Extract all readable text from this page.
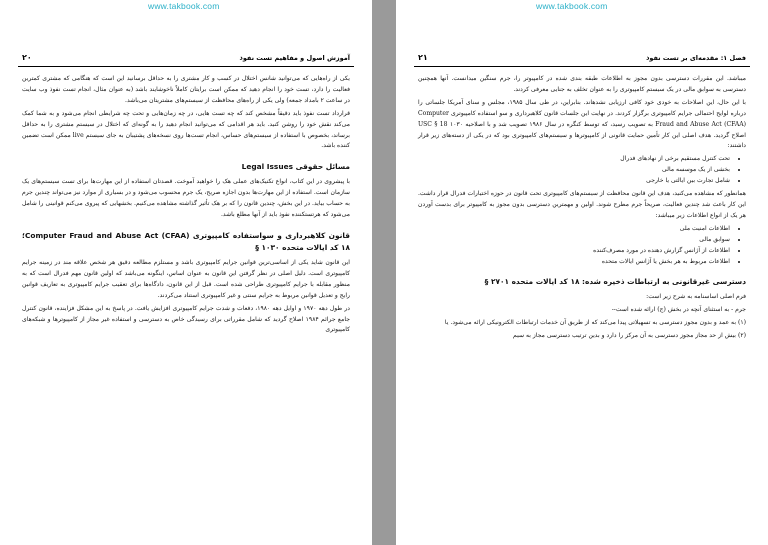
www.takbook.com
آموزش اصول و مفاهیم تست نفوذ
۲۰

یکی از راه‌هایی که می‌توانید شانس اختلال در کسب و کار مشتری را به حداقل برسانید این است که هنگامی که مشتری کمترین فعالیت را دارد، تست خود را انجام دهید که ممکن است برایتان کاملاً ناخوشایند باشد (به عنوان مثال، انجام تست نفوذ وب سایت در ساعت ۲ بامداد جمعه) ولی یکی از راه‌های محافظت از سیستم‌های مشتریتان می‌باشد.

قرارداد تست نفوذ باید دقیقاً مشخص کند که چه تست هایی، در چه زمان‌هایی و تحت چه شرایطی انجام می‌شود و به شما کمک می‌کند نقش خود را روشن کنید. باید هر اقدامی که می‌توانید انجام دهید را به گونه‌ای که اختلال در سیستم مشتری را به حداقل برساند، بخصوص با استفاده از سیستم‌های حساس، انجام تست‌ها روی نسخه‌های پشتیبان به جای سیستم live ممکن است تضمین کننده باشد.

مسائل حقوقی Legal Issues

با پیشروی در این کتاب، انواع تکنیک‌های عملی هک را خواهید آموخت. قصدتان استفاده از این مهارت‌ها برای تست سیستم‌های یک سازمان است. استفاده از این مهارت‌ها بدون اجازه صریح، یک جرم محسوب می‌شود و در بسیاری از موارد نیز می‌تواند چندین جرم به حساب بیاید. در این بخش، چندین قانون را که بر هک تأثیر گذاشته مشاهده می‌کنیم. بخشهایی که پیروی می‌کنم قوانینی را شامل می‌شود که هرتستکننده نفوذ باید از آنها مطلع باشد.

قانون کلاهبرداری و سواستفاده کامپیوتری Computer Fraud and Abuse Act (CFAA)؛ ۱۸ کد ایالات متحده ۱۰۳۰ §

این قانون شاید یکی از اساسی‌ترین قوانین جرایم کامپیوتری باشد و مستلزم مطالعه دقیق هر شخص علاقه مند در زمینه جرایم کامپیوتری است. دلیل اصلی در نظر گرفتن این قانون به عنوان اساس، اینگونه می‌باشد که اولین قانون مهم فدرال است که به منظور مقابله با جرایم کامپیوتری طراحی شده است. قبل از این قانون، دادگاه‌ها برای تعقیب جرایم کامپیوتری به تعاریف قوانین رایج و تعدیل قوانین مربوط به جرایم سنتی و غیر کامپیوتری استناد می‌کردند.

در طول دهه ۱۹۷۰ و اوایل دهه ۱۹۸۰، دفعات و شدت جرایم کامپیوتری افزایش یافت. در پاسخ به این مشکل فزاینده، قانون کنترل جامع جرائم ۱۹۸۴ اصلاح گردید که شامل مقرراتی برای رسیدگی خاص به دسترسی و استفاده غیر مجاز از کامپیوترها و شبکه‌های کامپیوتری

www.takbook.com
فصل ۱: مقدمه‌ای بر تست نفوذ
۲۱

میباشد. این مقررات دسترسی بدون مجوز به اطلاعات طبقه بندی شده در کامپیوتر را، جرم سنگین میدانست. آنها همچنین دسترسی به سوابق مالی در یک سیستم کامپیوتری را به عنوان تخلف به جنایی معرفی کردند.

با این حال، این اصلاحات به خودی خود کافی ارزیابی نشدهاند. بنابراین، در طی سال ۱۹۸۵، مجلس و سنای آمریکا جلساتی را درباره لوایح احتمالی جرایم کامپیوتری برگزار کردند. در نهایت این جلسات قانون کلاهبرداری و سو استفاده کامپیوتری Computer Fraud and Abuse Act (CFAA) به تصویب رسید، که توسط کنگره در سال ۱۹۸۶ تصویب شد و با اصلاحیه ۱۰۳۰ USC § 18 اصلاح گردید. هدف اصلی این کار تأمین حمایت قانونی از کامپیوترها و سیستم‌های کامپیوتری بود که در یکی از دسته‌های زیر قرار داشتند:

• تحت کنترل مستقیم برخی از نهادهای فدرال
• بخشی از یک موسسه مالی
• شامل تجارت بین ایالتی یا خارجی

همانطور که مشاهده می‌کنید، هدف این قانون محافظت از سیستم‌های کامپیوتری تحت قانون در حوزه اختیارات فدرال قرار داشت. این کار باعث شد چندین فعالیت، صریحاً جرم مطرح شوند. اولین و مهمترین دسترسی بدون مجوز به کامپیوتر برای بدست آوردن هر یک از انواع اطلاعات زیر میباشد:

• اطلاعات امنیت ملی
• سوابق مالی
• اطلاعات از آژانس گزارش دهنده در مورد مصرف‌کننده
• اطلاعات مربوط به هر بخش یا آژانس ایالات متحده
دسترسی غیرقانونی به ارتباطات ذخیره شده: ۱۸ کد ایالات متحده ۲۷۰۱ §

فرم اصلی اساسنامه به شرح زیر است:

جرم - به استثنای آنچه در بخش (ج) ارائه شده است--

(۱) به عمد و بدون مجوز دسترسی به تسهیلاتی پیدا می‌کند که از طریق آن خدمات ارتباطات الکترونیکی ارائه می‌شود. یا

(۲) بیش از حد مجاز مجوز دسترسی به آن مرکز را دارد و بدین ترتیب دسترسی مجاز به سیم
